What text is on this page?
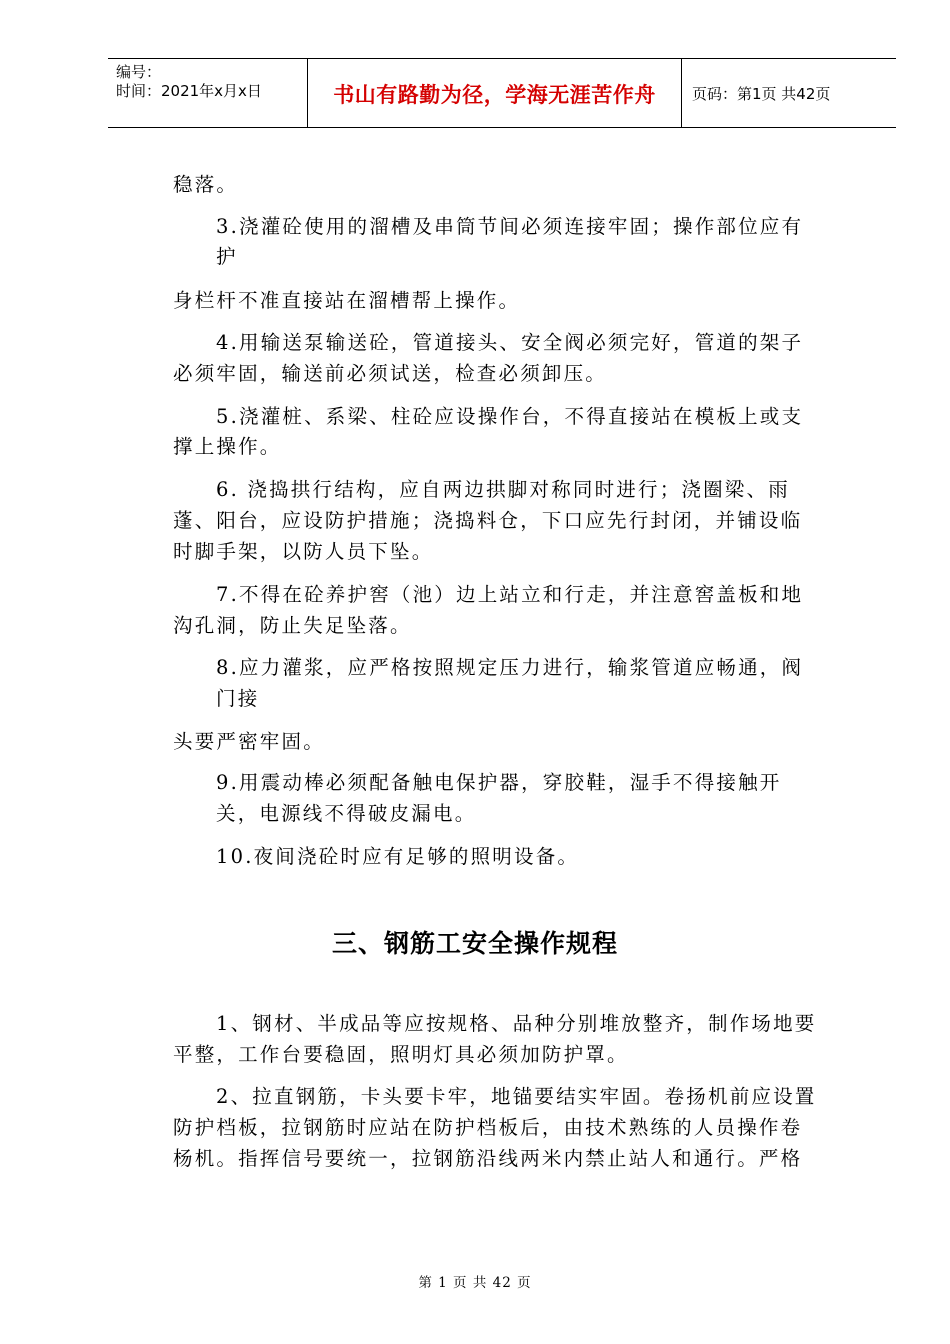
编号：
时间：2021年x月x日	书山有路勤为径，学海无涯苦作舟 页码：第1页 共42页
稳落。
3.浇灌砼使用的溜槽及串筒节间必须连接牢固；操作部位应有
护
身栏杆不准直接站在溜槽帮上操作。
4.用输送泵输送砼，管道接头、安全阀必须完好，管道的架子
必须牢固，输送前必须试送，检查必须卸压。
5.浇灌桩、系梁、柱砼应设操作台，不得直接站在模板上或支
撑上操作。
6. 浇捣拱行结构，应自两边拱脚对称同时进行；浇圈梁、雨
蓬、阳台，应设防护措施；浇捣料仓，下口应先行封闭，并铺设临
时脚手架，以防人员下坠。
7.不得在砼养护窖（池）边上站立和行走，并注意窖盖板和地
沟孔洞，防止失足坠落。
8.应力灌浆，应严格按照规定压力进行，输浆管道应畅通，阀
门接
头要严密牢固。
9.用震动棒必须配备触电保护器，穿胶鞋，湿手不得接触开
关，电源线不得破皮漏电。
10.夜间浇砼时应有足够的照明设备。
三、钢筋工安全操作规程
1、钢材、半成品等应按规格、品种分别堆放整齐，制作场地要
平整，工作台要稳固，照明灯具必须加防护罩。
2、拉直钢筋，卡头要卡牢，地锚要结实牢固。卷扬机前应设置
防护档板，拉钢筋时应站在防护档板后，由技术熟练的人员操作卷
杨机。指挥信号要统一，拉钢筋沿线两米内禁止站人和通行。严格
第 1 页 共 42 页
